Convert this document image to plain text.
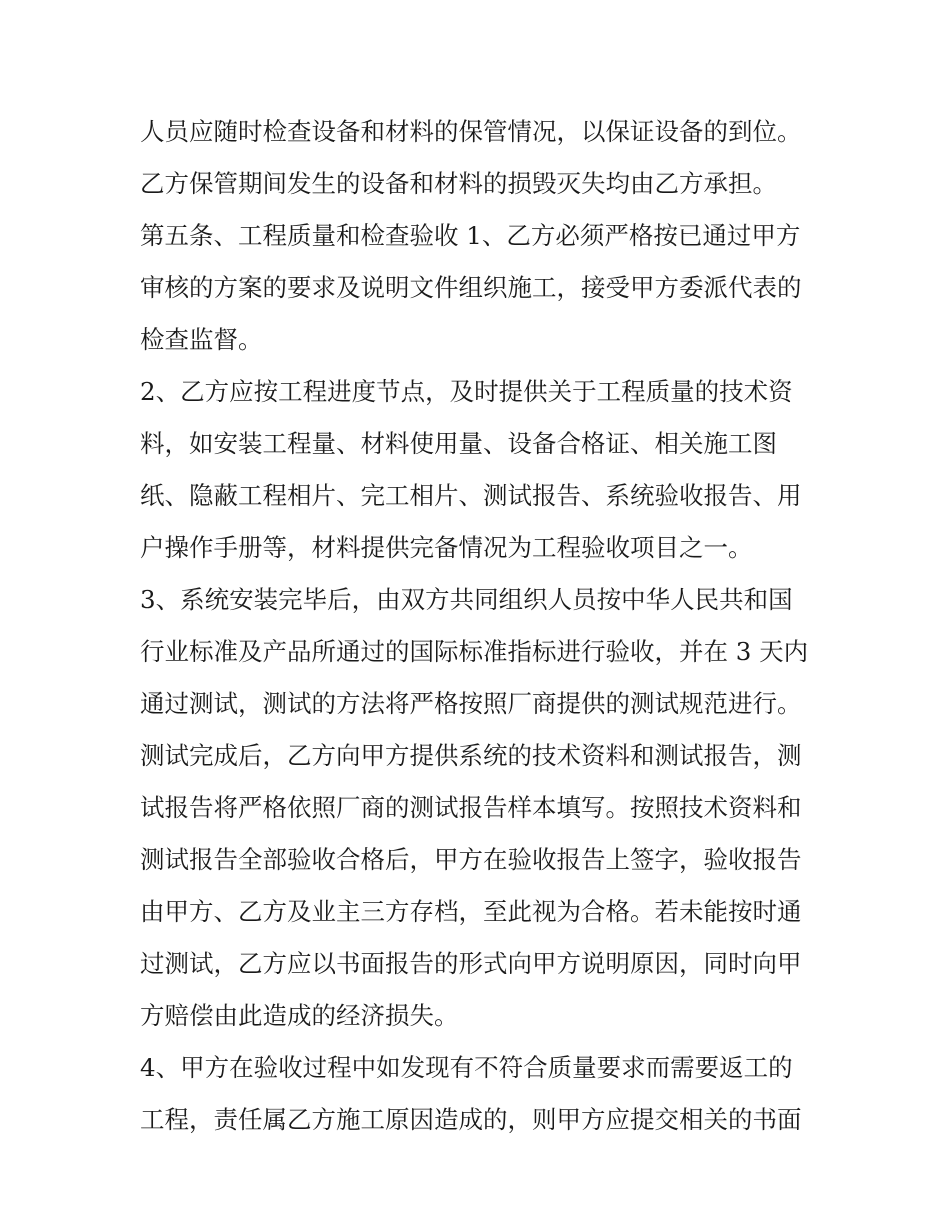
人员应随时检查设备和材料的保管情况，以保证设备的到位。
乙方保管期间发生的设备和材料的损毁灭失均由乙方承担。
第五条、工程质量和检查验收 1、乙方必须严格按已通过甲方
审核的方案的要求及说明文件组织施工，接受甲方委派代表的
检查监督。
2、乙方应按工程进度节点，及时提供关于工程质量的技术资
料，如安装工程量、材料使用量、设备合格证、相关施工图
纸、隐蔽工程相片、完工相片、测试报告、系统验收报告、用
户操作手册等，材料提供完备情况为工程验收项目之一。
3、系统安装完毕后，由双方共同组织人员按中华人民共和国
行业标准及产品所通过的国际标准指标进行验收，并在 3 天内
通过测试，测试的方法将严格按照厂商提供的测试规范进行。
测试完成后，乙方向甲方提供系统的技术资料和测试报告，测
试报告将严格依照厂商的测试报告样本填写。按照技术资料和
测试报告全部验收合格后，甲方在验收报告上签字，验收报告
由甲方、乙方及业主三方存档，至此视为合格。若未能按时通
过测试，乙方应以书面报告的形式向甲方说明原因，同时向甲
方赔偿由此造成的经济损失。
4、甲方在验收过程中如发现有不符合质量要求而需要返工的
工程，责任属乙方施工原因造成的，则甲方应提交相关的书面
